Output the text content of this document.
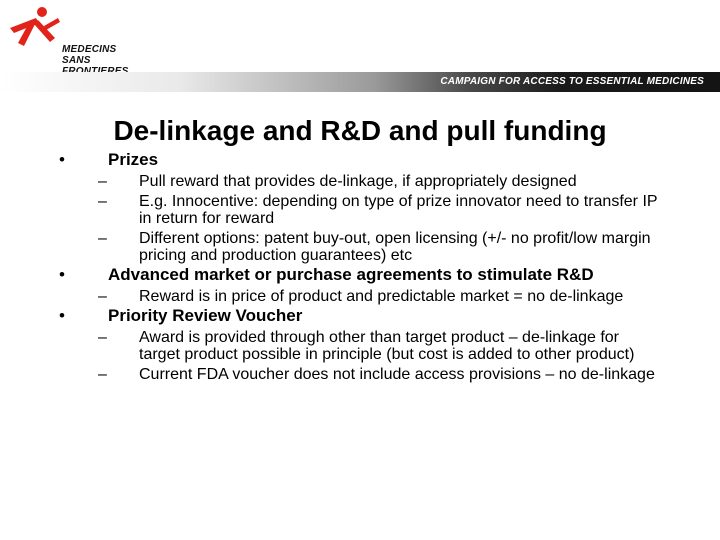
MEDECINS
SANS
CAMPAIGN FOR ACCESS TO ESSENTIAL MEDICINES
De-linkage and R&D and pull funding
•	Prizes
– Pull reward that provides de-linkage, if appropriately designed
– E.g. Innocentive: depending on type of prize innovator need to transfer IP in return for reward
– Different options: patent buy-out, open licensing (+/- no profit/low margin pricing and production guarantees) etc
•	Advanced market or purchase agreements to stimulate R&D
– Reward is in price of product and predictable market = no de-linkage
•	Priority Review Voucher
– Award is provided through other than target product – de-linkage for target product possible in principle (but cost is added to other product)
– Current FDA voucher does not include access provisions – no de-linkage
